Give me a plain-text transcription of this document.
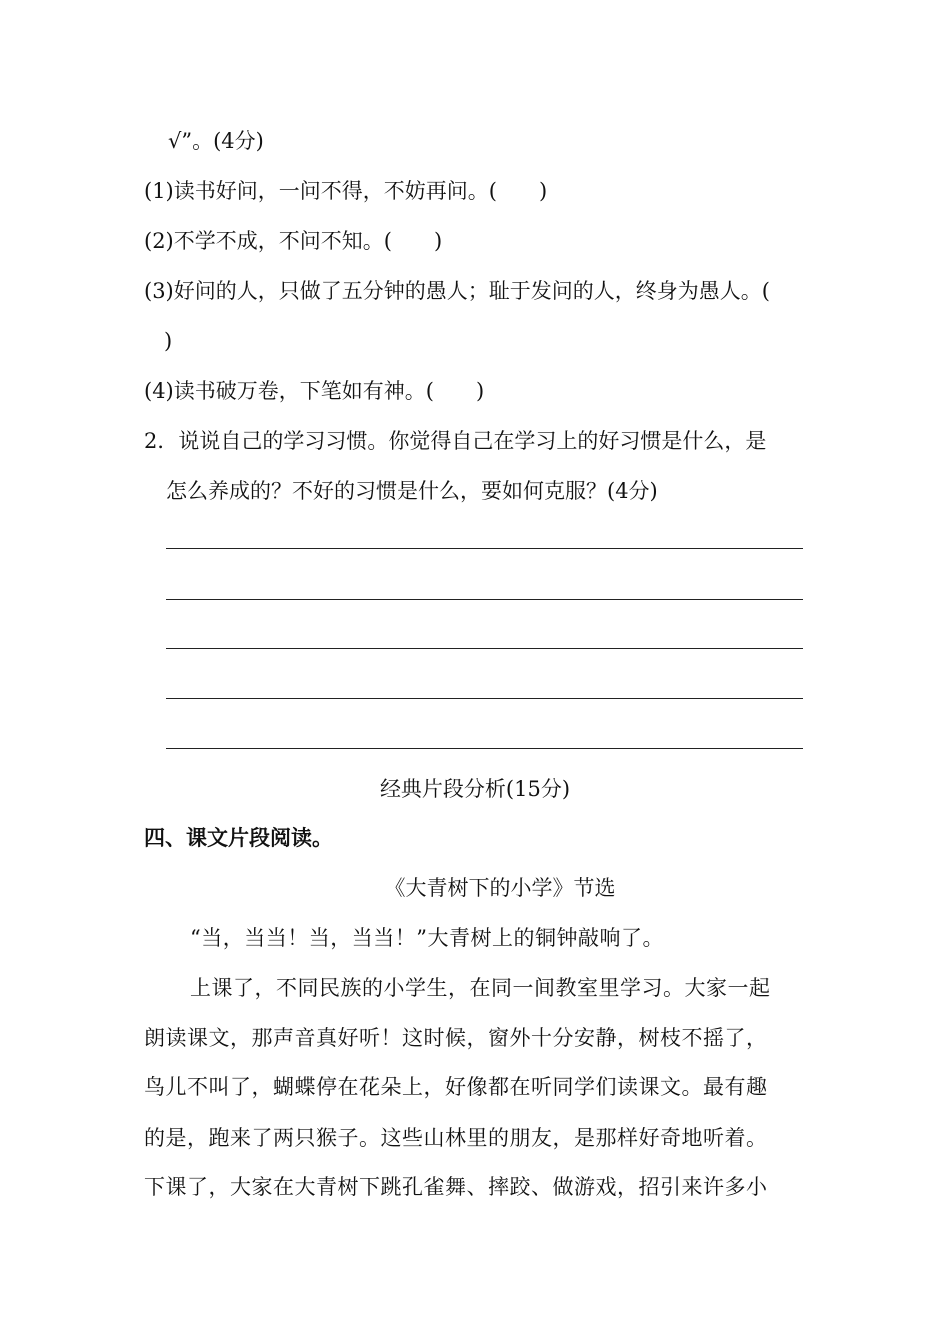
√”。(4分)
(1)读书好问，一问不得，不妨再问。(　　)
(2)不学不成，不问不知。(　　)
(3)好问的人，只做了五分钟的愚人；耻于发问的人，终身为愚人。(
)
(4)读书破万卷，下笔如有神。(　　)
2．说说自己的学习习惯。你觉得自己在学习上的好习惯是什么，是
怎么养成的？不好的习惯是什么，要如何克服？(4分)
经典片段分析(15分)
四、课文片段阅读。
《大青树下的小学》节选
“当，当当！当，当当！”大青树上的铜钟敲响了。
上课了，不同民族的小学生，在同一间教室里学习。大家一起
朗读课文，那声音真好听！这时候，窗外十分安静，树枝不摇了，
鸟儿不叫了，蝴蝶停在花朵上，好像都在听同学们读课文。最有趣
的是，跑来了两只猴子。这些山林里的朋友，是那样好奇地听着。
下课了，大家在大青树下跳孔雀舞、摔跤、做游戏，招引来许多小
